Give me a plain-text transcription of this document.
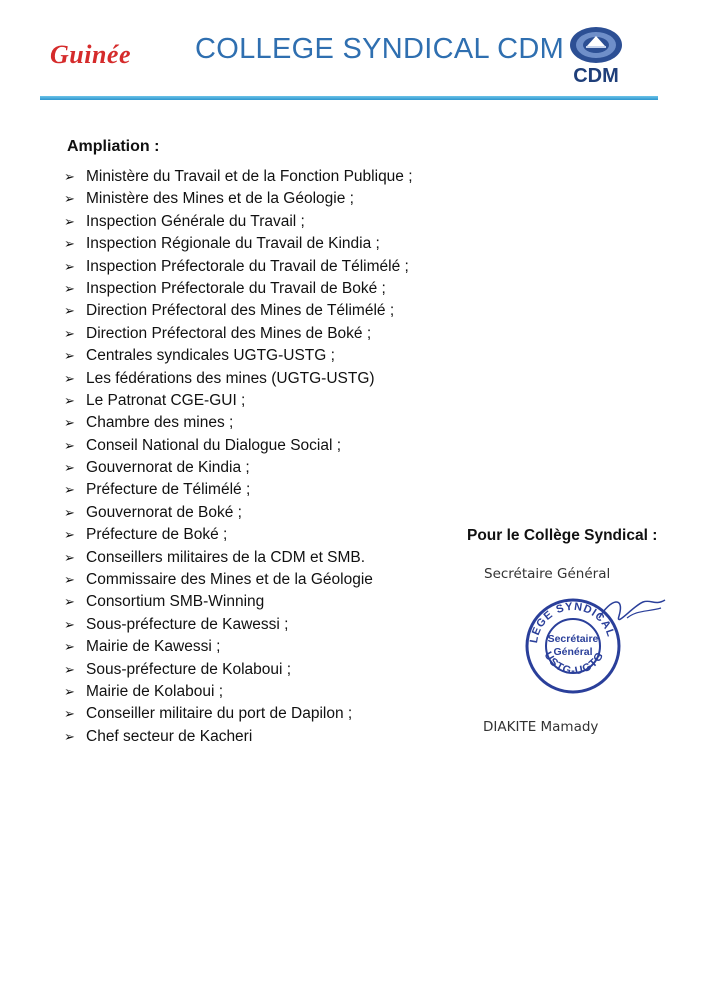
Guinée COLLEGE SYNDICAL CDM
CDM
Ampliation :
➢ Ministère du Travail et de la Fonction Publique ;
➢ Ministère des Mines et de la Géologie ;
➢ Inspection Générale du Travail ;
➢ Inspection Régionale du Travail de Kindia ;
➢ Inspection Préfectorale du Travail de Télimélé ;
➢ Inspection Préfectorale du Travail de Boké ;
➢ Direction Préfectoral des Mines de Télimélé ;
➢ Direction Préfectoral des Mines de Boké ;
➢ Centrales syndicales UGTG-USTG ;
➢ Les fédérations des mines (UGTG-USTG)
➢ Le Patronat CGE-GUI ;
➢ Chambre des mines ;
➢ Conseil National du Dialogue Social ;
➢ Gouvernorat de Kindia ;
➢ Préfecture de Télimélé ;
➢ Gouvernorat de Boké ;
➢ Préfecture de Boké ;
➢ Conseillers militaires de la CDM et SMB.
➢ Commissaire des Mines et de la Géologie
➢ Consortium SMB-Winning
➢ Sous-préfecture de Kawessi ;
➢ Mairie de Kawessi ;
➢ Sous-préfecture de Kolaboui ;
➢ Mairie de Kolaboui ;
➢ Conseiller militaire du port de Dapilon ;
➢ Chef secteur de Kacheri
Pour le Collège Syndical :
Secrétaire Général
LEGE SYNDICAL
USTG-UGTG
Secrétaire
Général
DIAKITE Mamady
